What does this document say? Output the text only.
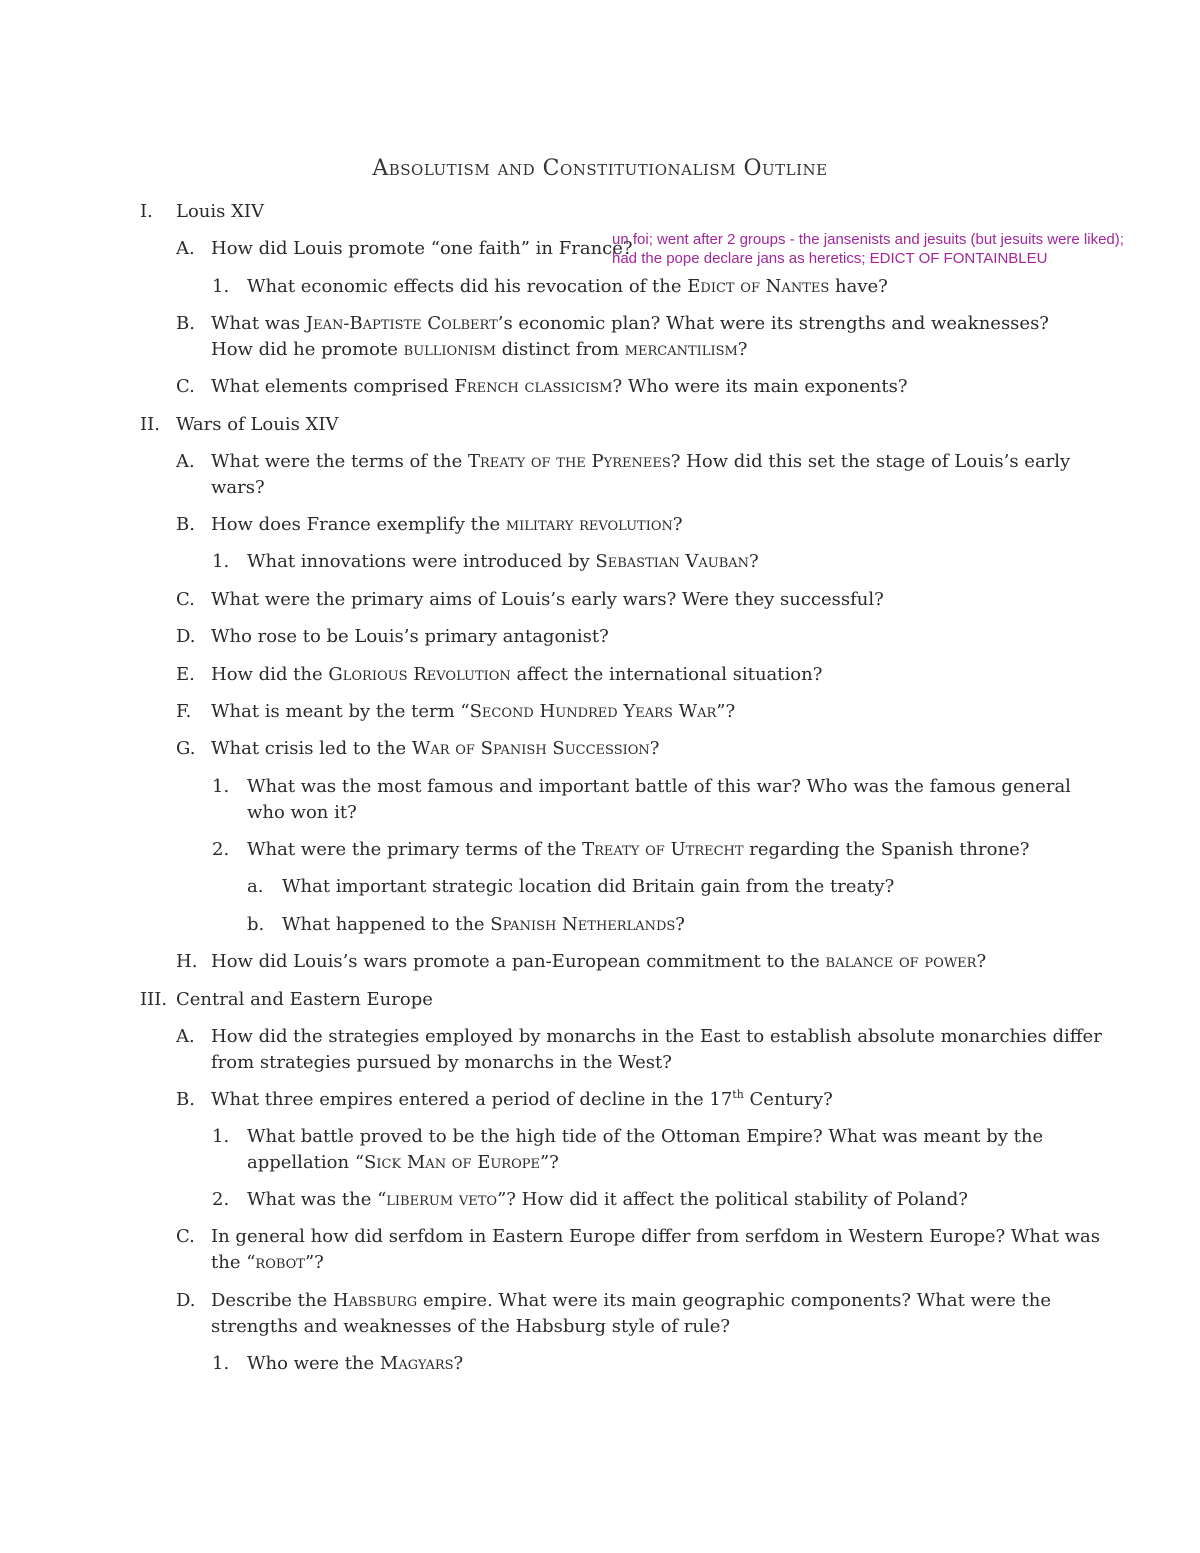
Absolutism and Constitutionalism Outline
I. Louis XIV
A. How did Louis promote “one faith” in France?
un foi; went after 2 groups - the jansenists and jesuits (but jesuits were liked);
had the pope declare jans as heretics; EDICT OF FONTAINBLEU
1. What economic effects did his revocation of the Edict of Nantes have?
B. What was Jean-Baptiste Colbert’s economic plan? What were its strengths and weaknesses?
How did he promote bullionism distinct from mercantilism?
C. What elements comprised French classicism? Who were its main exponents?
II. Wars of Louis XIV
A. What were the terms of the Treaty of the Pyrenees? How did this set the stage of Louis’s early
wars?
B. How does France exemplify the military revolution?
1. What innovations were introduced by Sebastian Vauban?
C. What were the primary aims of Louis’s early wars? Were they successful?
D. Who rose to be Louis’s primary antagonist?
E. How did the Glorious Revolution affect the international situation?
F. What is meant by the term “Second Hundred Years War”?
G. What crisis led to the War of Spanish Succession?
1. What was the most famous and important battle of this war? Who was the famous general
who won it?
2. What were the primary terms of the Treaty of Utrecht regarding the Spanish throne?
a. What important strategic location did Britain gain from the treaty?
b. What happened to the Spanish Netherlands?
H. How did Louis’s wars promote a pan-European commitment to the balance of power?
III. Central and Eastern Europe
A. How did the strategies employed by monarchs in the East to establish absolute monarchies differ
from strategies pursued by monarchs in the West?
B. What three empires entered a period of decline in the 17th Century?
1. What battle proved to be the high tide of the Ottoman Empire? What was meant by the
appellation “Sick Man of Europe”?
2. What was the “liberum veto”? How did it affect the political stability of Poland?
C. In general how did serfdom in Eastern Europe differ from serfdom in Western Europe? What was
the “robot”?
D. Describe the Habsburg empire. What were its main geographic components? What were the
strengths and weaknesses of the Habsburg style of rule?
1. Who were the Magyars?
